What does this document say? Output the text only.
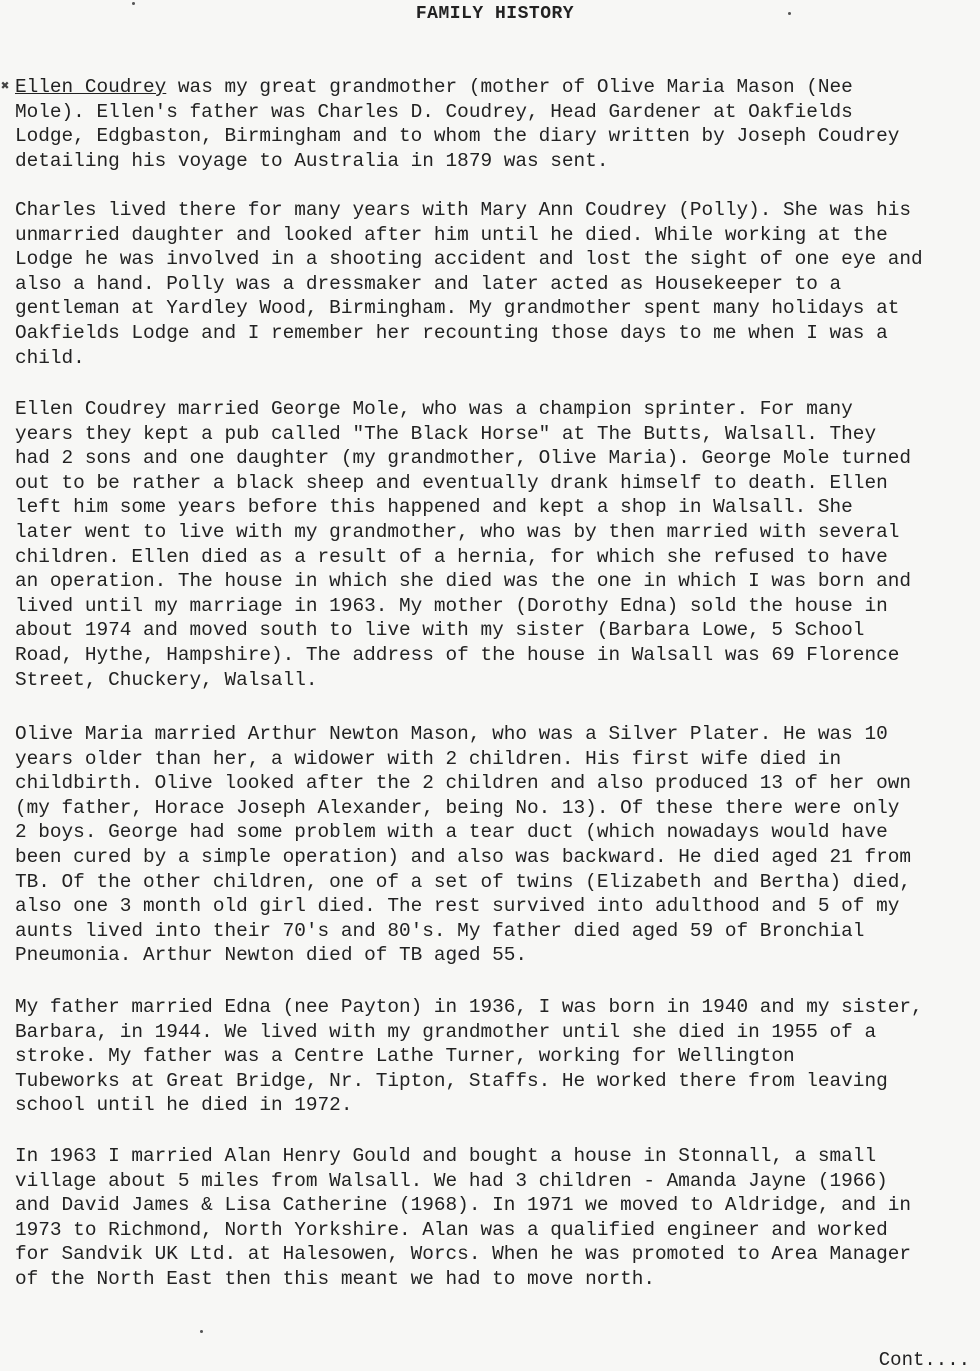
FAMILY HISTORY
✖ Ellen Coudrey was my great grandmother (mother of Olive Maria Mason (Nee
Mole). Ellen's father was Charles D. Coudrey, Head Gardener at Oakfields
Lodge, Edgbaston, Birmingham and to whom the diary written by Joseph Coudrey
detailing his voyage to Australia in 1879 was sent.
Charles lived there for many years with Mary Ann Coudrey (Polly). She was his
unmarried daughter and looked after him until he died. While working at the
Lodge he was involved in a shooting accident and lost the sight of one eye and
also a hand. Polly was a dressmaker and later acted as Housekeeper to a
gentleman at Yardley Wood, Birmingham. My grandmother spent many holidays at
Oakfields Lodge and I remember her recounting those days to me when I was a
child.
Ellen Coudrey married George Mole, who was a champion sprinter. For many
years they kept a pub called "The Black Horse" at The Butts, Walsall. They
had 2 sons and one daughter (my grandmother, Olive Maria). George Mole turned
out to be rather a black sheep and eventually drank himself to death. Ellen
left him some years before this happened and kept a shop in Walsall. She
later went to live with my grandmother, who was by then married with several
children. Ellen died as a result of a hernia, for which she refused to have
an operation. The house in which she died was the one in which I was born and
lived until my marriage in 1963. My mother (Dorothy Edna) sold the house in
about 1974 and moved south to live with my sister (Barbara Lowe, 5 School
Road, Hythe, Hampshire). The address of the house in Walsall was 69 Florence
Street, Chuckery, Walsall.
Olive Maria married Arthur Newton Mason, who was a Silver Plater. He was 10
years older than her, a widower with 2 children. His first wife died in
childbirth. Olive looked after the 2 children and also produced 13 of her own
(my father, Horace Joseph Alexander, being No. 13). Of these there were only
2 boys. George had some problem with a tear duct (which nowadays would have
been cured by a simple operation) and also was backward. He died aged 21 from
TB. Of the other children, one of a set of twins (Elizabeth and Bertha) died,
also one 3 month old girl died. The rest survived into adulthood and 5 of my
aunts lived into their 70's and 80's. My father died aged 59 of Bronchial
Pneumonia. Arthur Newton died of TB aged 55.
My father married Edna (nee Payton) in 1936, I was born in 1940 and my sister,
Barbara, in 1944. We lived with my grandmother until she died in 1955 of a
stroke. My father was a Centre Lathe Turner, working for Wellington
Tubeworks at Great Bridge, Nr. Tipton, Staffs. He worked there from leaving
school until he died in 1972.
In 1963 I married Alan Henry Gould and bought a house in Stonnall, a small
village about 5 miles from Walsall. We had 3 children - Amanda Jayne (1966)
and David James & Lisa Catherine (1968). In 1971 we moved to Aldridge, and in
1973 to Richmond, North Yorkshire. Alan was a qualified engineer and worked
for Sandvik UK Ltd. at Halesowen, Worcs. When he was promoted to Area Manager
of the North East then this meant we had to move north.
Cont....
